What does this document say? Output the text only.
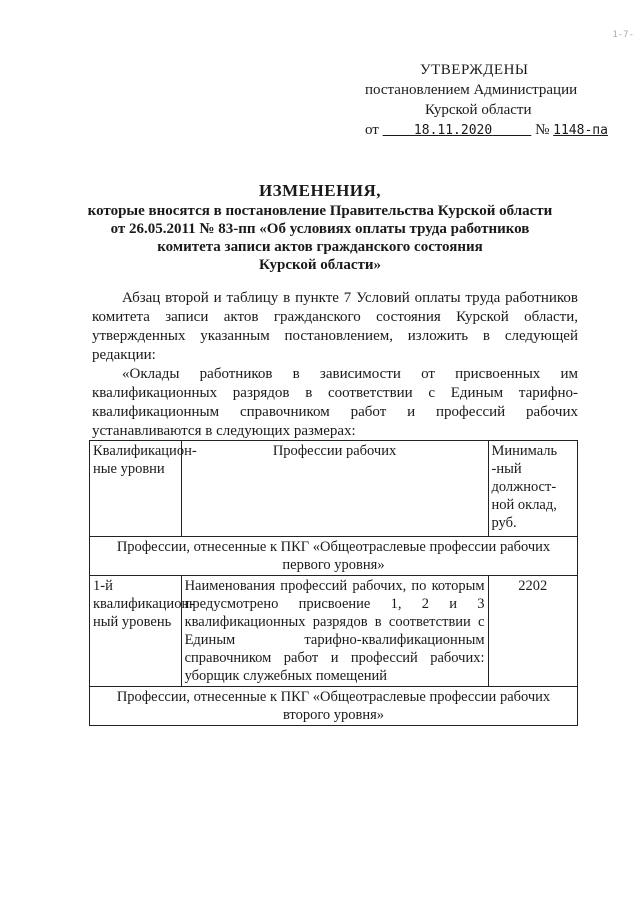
1-7-
УТВЕРЖДЕНЫ
постановлением Администрации
Курской области
от	18.11.2020	№ 1148-па
ИЗМЕНЕНИЯ,
которые вносятся в постановление Правительства Курской области
от 26.05.2011 № 83-пп «Об условиях оплаты труда работников
комитета записи актов гражданского состояния
Курской области»

Абзац второй и таблицу в пункте 7 Условий оплаты труда работников комитета записи актов гражданского состояния Курской области, утвержденных указанным постановлением, изложить в следующей редакции:

«Оклады работников в зависимости от присвоенных им квалификационных разрядов в соответствии с Единым тарифно-квалификационным справочником работ и профессий рабочих устанавливаются в следующих размерах:

Квалификацион-ные уровни	Профессии рабочих	Минималь -ный должност-ной оклад, руб.
Профессии, отнесенные к ПКГ «Общеотраслевые профессии рабочих первого уровня»		
1-й квалификацион-ный уровень	Наименования профессий рабочих, по которым предусмотрено присвоение 1, 2 и 3 квалификационных разрядов в соответствии с Единым тарифно-квалификационным справочником работ и профессий рабочих: уборщик служебных помещений	2202
Профессии, отнесенные к ПКГ «Общеотраслевые профессии рабочих второго уровня»		
